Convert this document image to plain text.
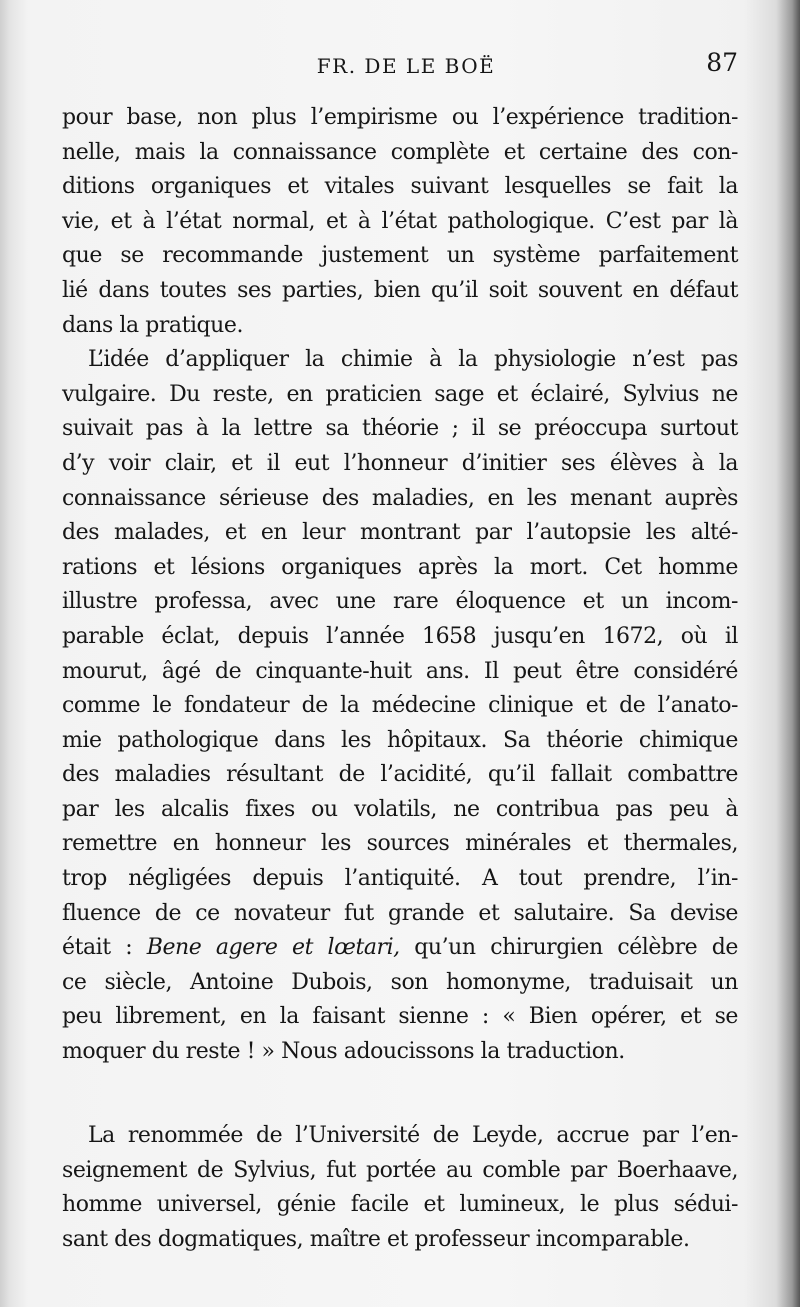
FR. DE LE BOË	87
pour base, non plus l’empirisme ou l’expérience tradition-
nelle, mais la connaissance complète et certaine des con-
ditions organiques et vitales suivant lesquelles se fait la
vie, et à l’état normal, et à l’état pathologique. C’est par là
que se recommande justement un système parfaitement
lié dans toutes ses parties, bien qu’il soit souvent en défaut
dans la pratique.
L’idée d’appliquer la chimie à la physiologie n’est pas
vulgaire. Du reste, en praticien sage et éclairé, Sylvius ne
suivait pas à la lettre sa théorie ; il se préoccupa surtout
d’y voir clair, et il eut l’honneur d’initier ses élèves à la
connaissance sérieuse des maladies, en les menant auprès
des malades, et en leur montrant par l’autopsie les alté-
rations et lésions organiques après la mort. Cet homme
illustre professa, avec une rare éloquence et un incom-
parable éclat, depuis l’année 1658 jusqu’en 1672, où il
mourut, âgé de cinquante-huit ans. Il peut être considéré
comme le fondateur de la médecine clinique et de l’anato-
mie pathologique dans les hôpitaux. Sa théorie chimique
des maladies résultant de l’acidité, qu’il fallait combattre
par les alcalis fixes ou volatils, ne contribua pas peu à
remettre en honneur les sources minérales et thermales,
trop négligées depuis l’antiquité. A tout prendre, l’in-
fluence de ce novateur fut grande et salutaire. Sa devise
était : Bene agere et lœtari, qu’un chirurgien célèbre de
ce siècle, Antoine Dubois, son homonyme, traduisait un
peu librement, en la faisant sienne : « Bien opérer, et se
moquer du reste ! » Nous adoucissons la traduction.
La renommée de l’Université de Leyde, accrue par l’en-
seignement de Sylvius, fut portée au comble par Boerhaave,
homme universel, génie facile et lumineux, le plus sédui-
sant des dogmatiques, maître et professeur incomparable.
